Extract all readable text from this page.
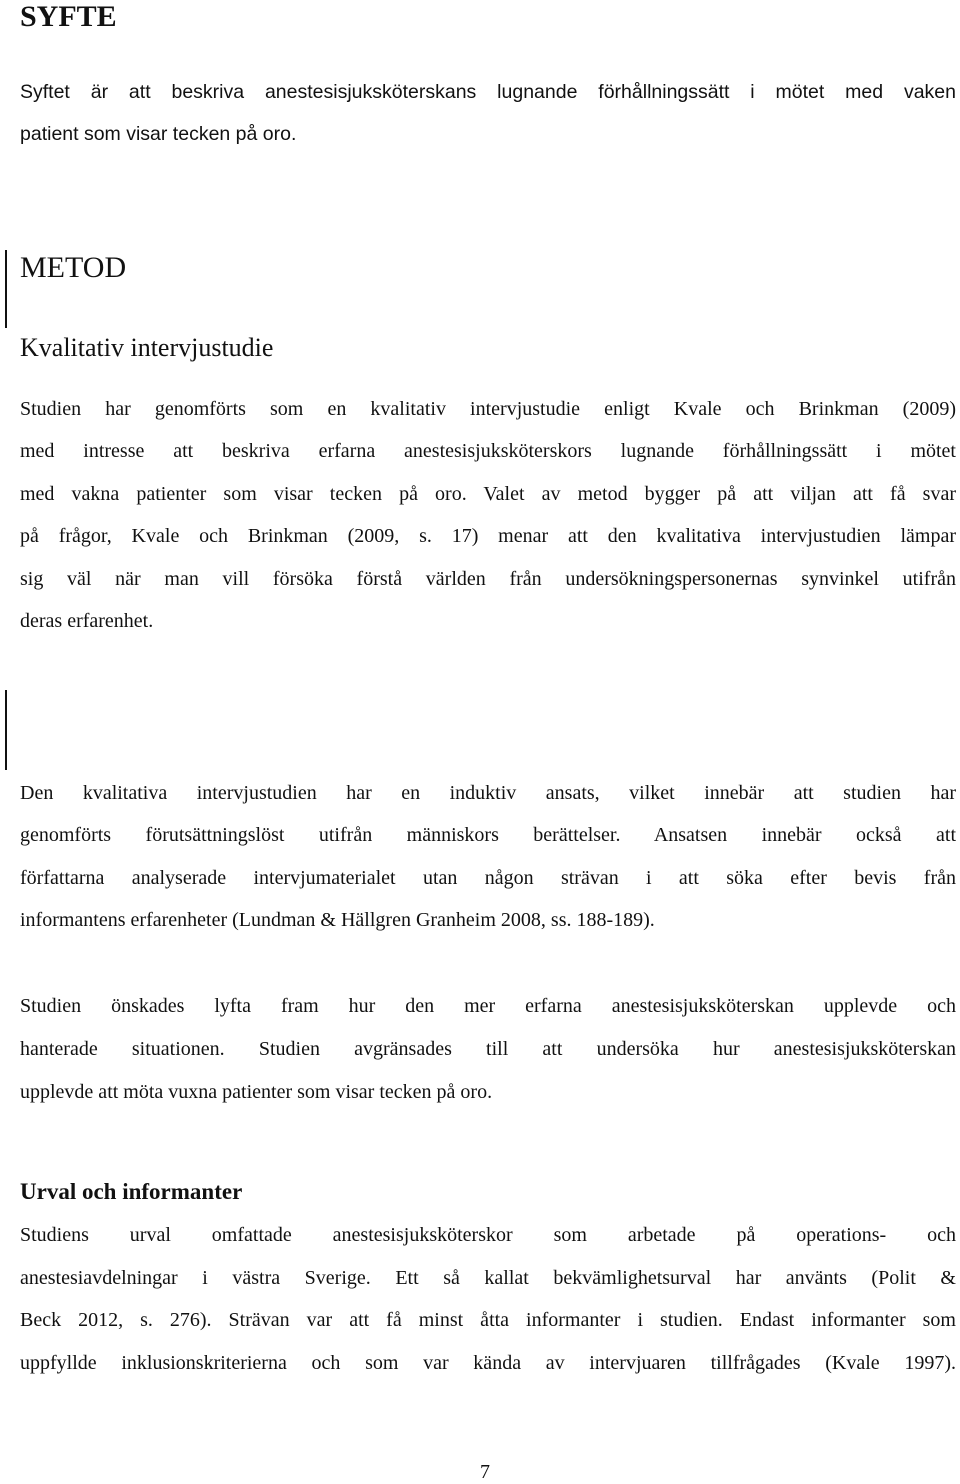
SYFTE

Syftet är att beskriva anestesisjuksköterskans lugnande förhållningssätt i mötet med vaken

patient som visar tecken på oro.

METOD
Kvalitativ intervjustudie

Studien har genomförts som en kvalitativ intervjustudie enligt Kvale och Brinkman (2009)

med intresse att beskriva erfarna anestesisjuksköterskors lugnande förhållningssätt i mötet

med vakna patienter som visar tecken på oro. Valet av metod bygger på att viljan att få svar

på frågor, Kvale och Brinkman (2009, s. 17) menar att den kvalitativa intervjustudien lämpar

sig väl när man vill försöka förstå världen från undersökningspersonernas synvinkel utifrån

deras erfarenhet.

Den kvalitativa intervjustudien har en induktiv ansats, vilket innebär att studien har

genomförts förutsättningslöst utifrån människors berättelser. Ansatsen innebär också att

författarna analyserade intervjumaterialet utan någon strävan i att söka efter bevis från

informantens erfarenheter (Lundman & Hällgren Granheim 2008, ss. 188-189).

Studien önskades lyfta fram hur den mer erfarna anestesisjuksköterskan upplevde och

hanterade situationen. Studien avgränsades till att undersöka hur anestesisjuksköterskan

upplevde att möta vuxna patienter som visar tecken på oro.

Urval och informanter

Studiens urval omfattade anestesisjuksköterskor som arbetade på operations- och

anestesiavdelningar i västra Sverige. Ett så kallat bekvämlighetsurval har använts (Polit &

Beck 2012, s. 276). Strävan var att få minst åtta informanter i studien. Endast informanter som

uppfyllde inklusionskriterierna och som var kända av intervjuaren tillfrågades (Kvale 1997).

7
